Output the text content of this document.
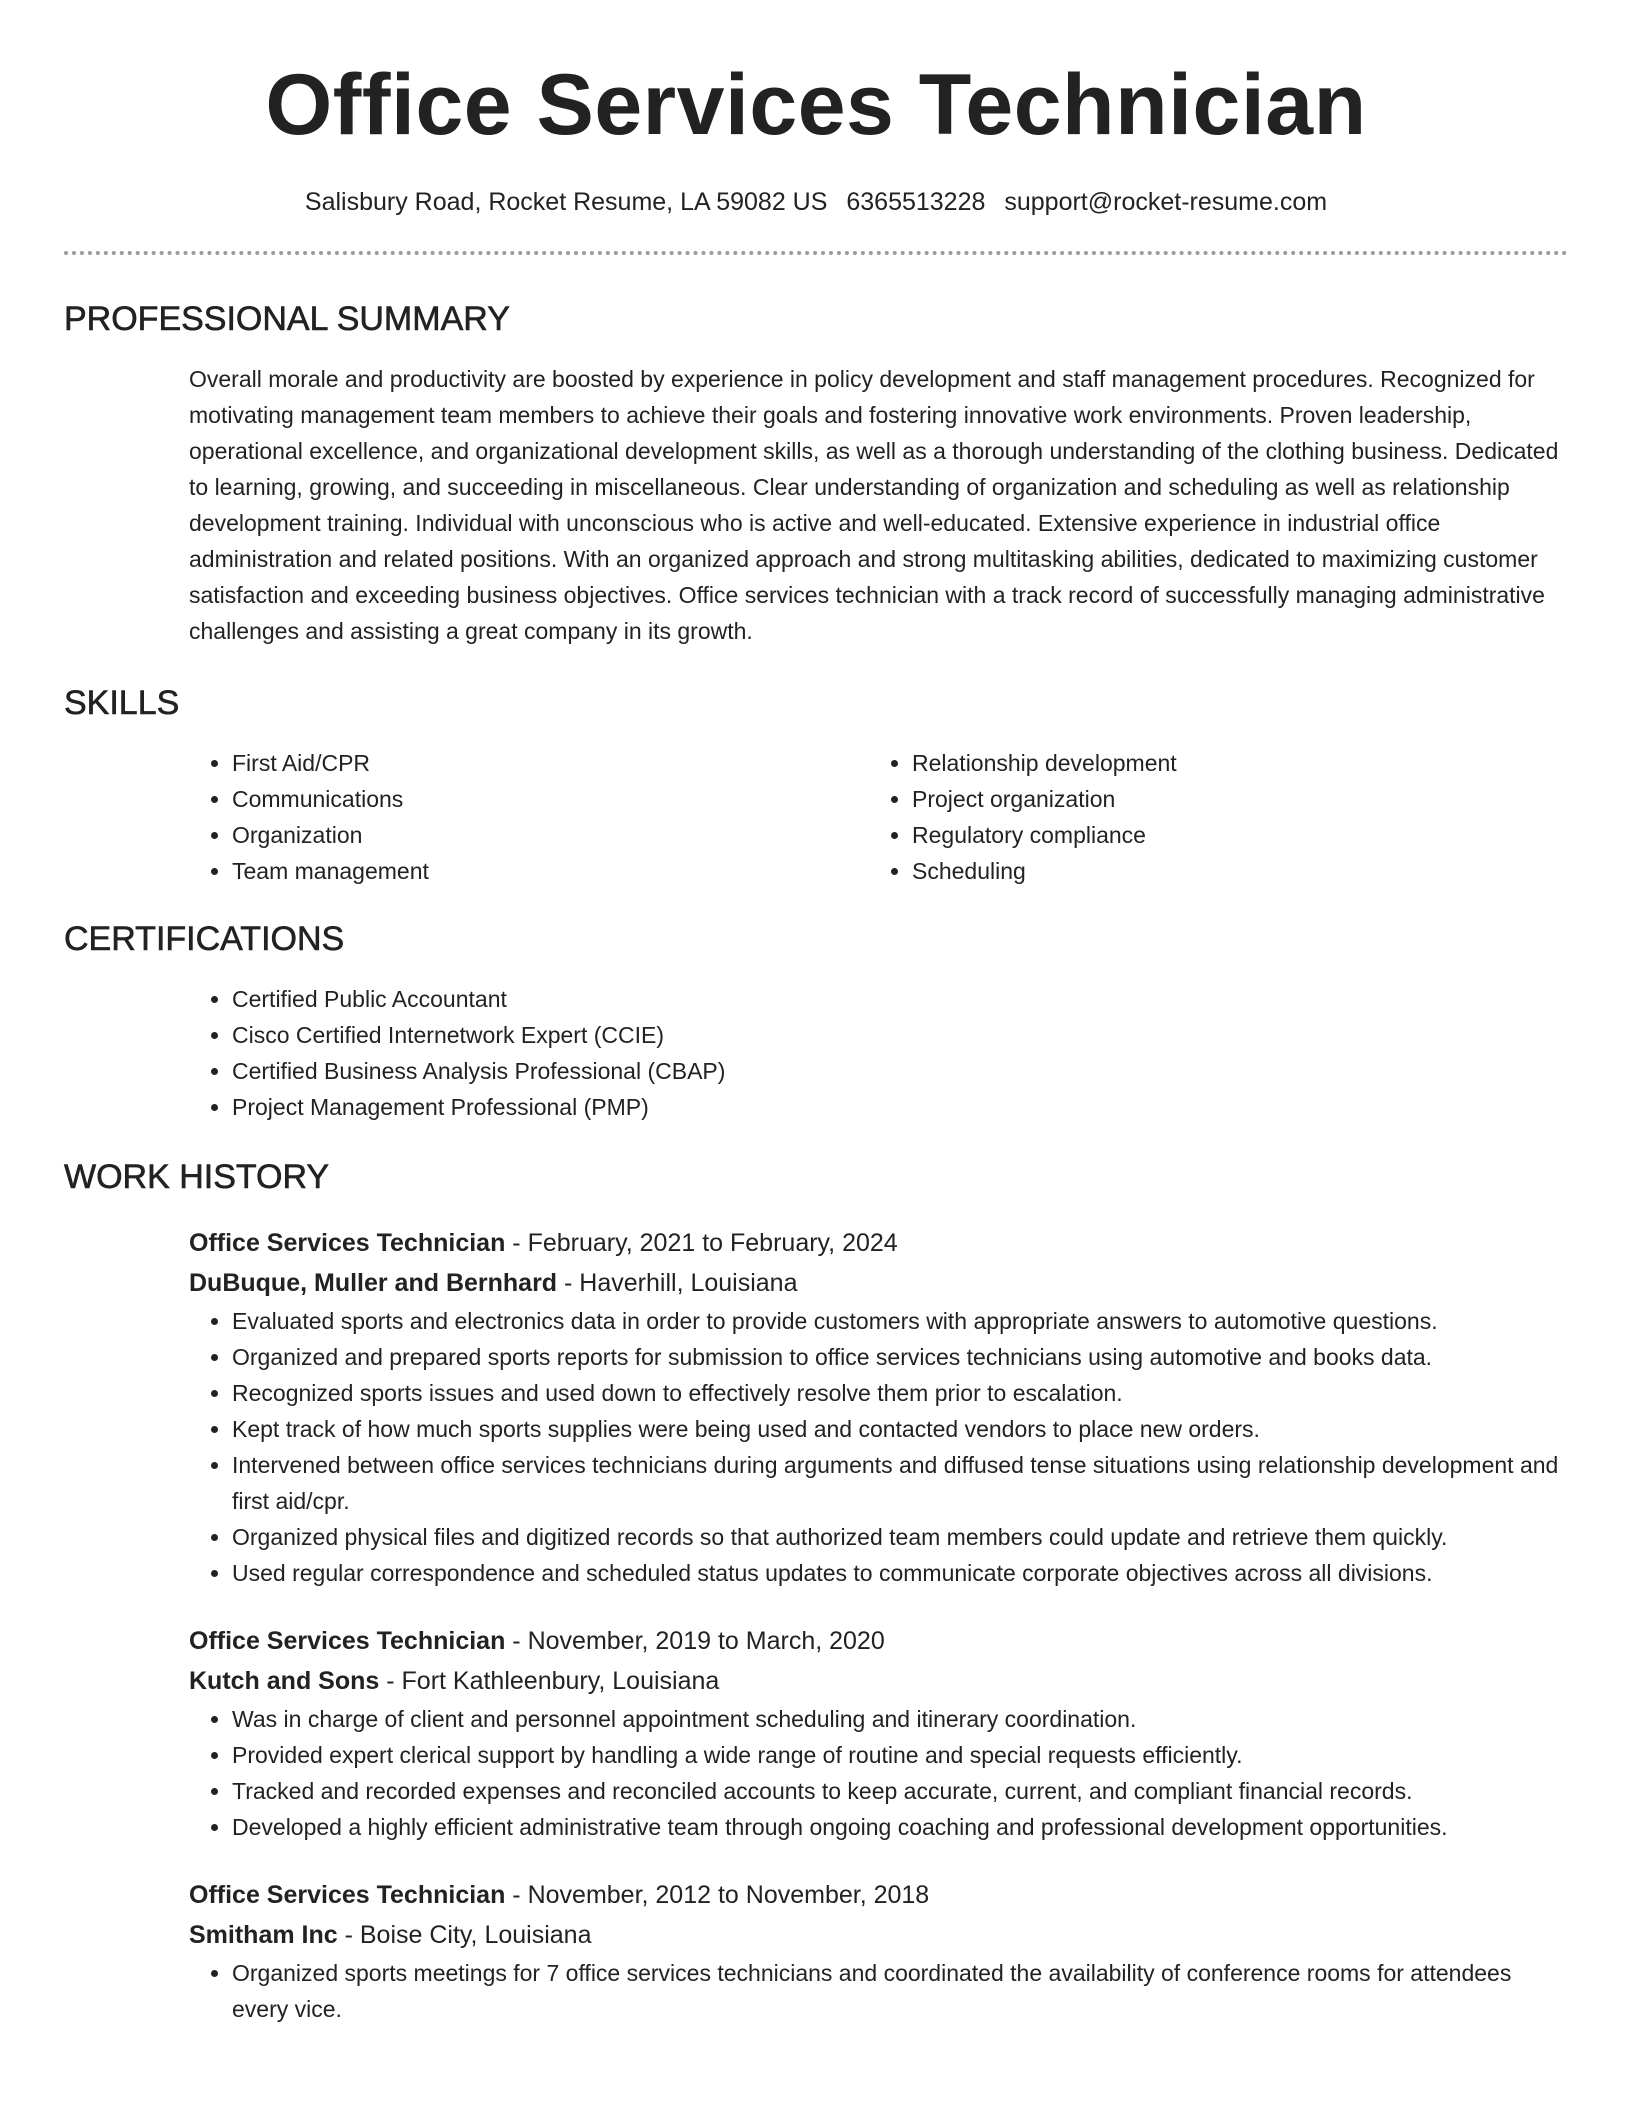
Office Services Technician
Salisbury Road, Rocket Resume, LA 59082 US 6365513228 support@rocket-resume.com
PROFESSIONAL SUMMARY

Overall morale and productivity are boosted by experience in policy development and staff management procedures. Recognized for motivating management team members to achieve their goals and fostering innovative work environments. Proven leadership, operational excellence, and organizational development skills, as well as a thorough understanding of the clothing business. Dedicated to learning, growing, and succeeding in miscellaneous. Clear understanding of organization and scheduling as well as relationship development training. Individual with unconscious who is active and well-educated. Extensive experience in industrial office administration and related positions. With an organized approach and strong multitasking abilities, dedicated to maximizing customer satisfaction and exceeding business objectives. Office services technician with a track record of successfully managing administrative challenges and assisting a great company in its growth.

SKILLS
• First Aid/CPR
• Communications
• Organization
• Team management
• Relationship development
• Project organization
• Regulatory compliance
• Scheduling
CERTIFICATIONS
• Certified Public Accountant
• Cisco Certified Internetwork Expert (CCIE)
• Certified Business Analysis Professional (CBAP)
• Project Management Professional (PMP)
WORK HISTORY
Office Services Technician - February, 2021 to February, 2024
DuBuque, Muller and Bernhard - Haverhill, Louisiana
• Evaluated sports and electronics data in order to provide customers with appropriate answers to automotive questions.
• Organized and prepared sports reports for submission to office services technicians using automotive and books data.
• Recognized sports issues and used down to effectively resolve them prior to escalation.
• Kept track of how much sports supplies were being used and contacted vendors to place new orders.
• Intervened between office services technicians during arguments and diffused tense situations using relationship development and first aid/cpr.
• Organized physical files and digitized records so that authorized team members could update and retrieve them quickly.
• Used regular correspondence and scheduled status updates to communicate corporate objectives across all divisions.
Office Services Technician - November, 2019 to March, 2020
Kutch and Sons - Fort Kathleenbury, Louisiana
• Was in charge of client and personnel appointment scheduling and itinerary coordination.
• Provided expert clerical support by handling a wide range of routine and special requests efficiently.
• Tracked and recorded expenses and reconciled accounts to keep accurate, current, and compliant financial records.
• Developed a highly efficient administrative team through ongoing coaching and professional development opportunities.
Office Services Technician - November, 2012 to November, 2018
Smitham Inc - Boise City, Louisiana
• Organized sports meetings for 7 office services technicians and coordinated the availability of conference rooms for attendees every vice.
